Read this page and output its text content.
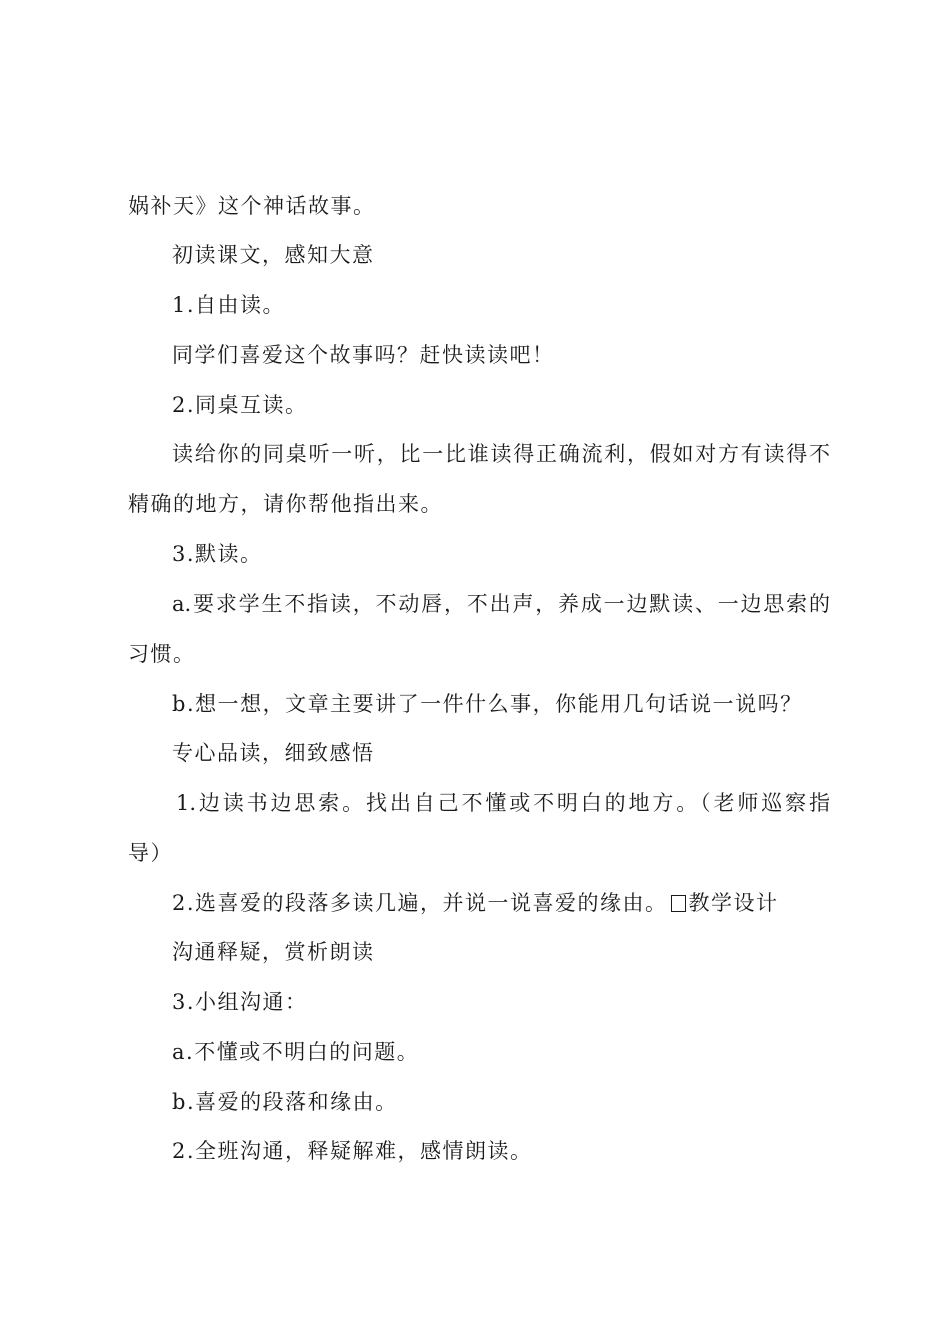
娲补天》这个神话故事。
初读课文，感知大意
1.自由读。
同学们喜爱这个故事吗？赶快读读吧！
2.同桌互读。
读给你的同桌听一听，比一比谁读得正确流利，假如对方有读得不
精确的地方，请你帮他指出来。
3.默读。
a.要求学生不指读，不动唇，不出声，养成一边默读、一边思索的
习惯。
b.想一想，文章主要讲了一件什么事，你能用几句话说一说吗？
专心品读，细致感悟
1.边读书边思索。找出自己不懂或不明白的地方。（老师巡察指
导）
2.选喜爱的段落多读几遍，并说一说喜爱的缘由。 教学设计
沟通释疑，赏析朗读
3.小组沟通：
a.不懂或不明白的问题。
b.喜爱的段落和缘由。
2.全班沟通，释疑解难，感情朗读。
